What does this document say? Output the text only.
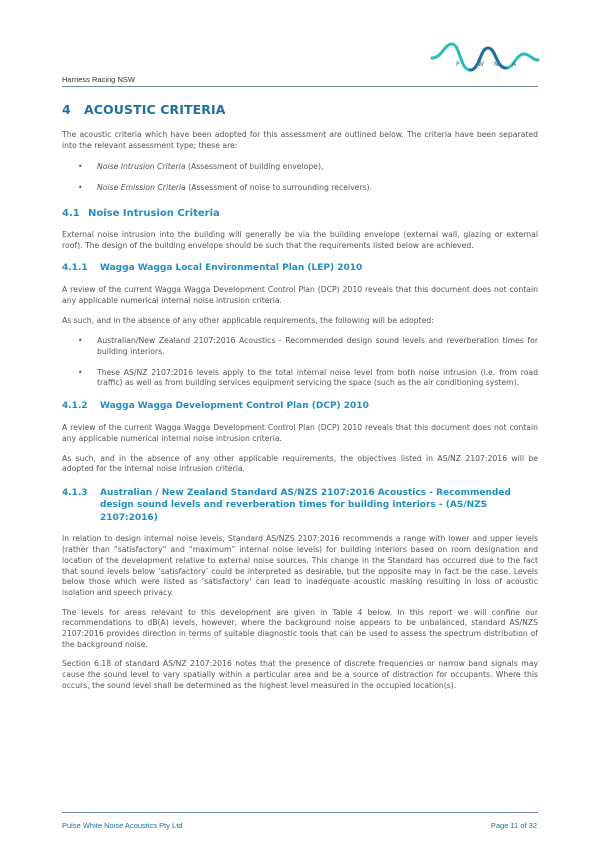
Harness Racing NSW
P	W N A
4 ACOUSTIC CRITERIA

The acoustic criteria which have been adopted for this assessment are outlined below. The criteria have been separated into the relevant assessment type; these are:

• Noise Intrusion Criteria (Assessment of building envelope),
• Noise Emission Criteria (Assessment of noise to surrounding receivers).
4.1 Noise Intrusion Criteria

External noise intrusion into the building will generally be via the building envelope (external wall, glazing or external roof). The design of the building envelope should be such that the requirements listed below are achieved.

4.1.1 Wagga Wagga Local Environmental Plan (LEP) 2010

A review of the current Wagga Wagga Development Control Plan (DCP) 2010 reveals that this document does not contain any applicable numerical internal noise intrusion criteria.

As such, and in the absence of any other applicable requirements, the following will be adopted:

• Australian/New Zealand 2107:2016 Acoustics - Recommended design sound levels and reverberation times for building interiors.
• These AS/NZ 2107:2016 levels apply to the total internal noise level from both noise intrusion (i.e. from road traffic) as well as from building services equipment servicing the space (such as the air conditioning system).
4.1.2 Wagga Wagga Development Control Plan (DCP) 2010

A review of the current Wagga Wagga Development Control Plan (DCP) 2010 reveals that this document does not contain any applicable numerical internal noise intrusion criteria.

As such, and in the absence of any other applicable requirements, the objectives listed in AS/NZ 2107:2016 will be adopted for the internal noise intrusion criteria.

4.1.3	Australian / New Zealand Standard AS/NZS 2107:2016 Acoustics - Recommended design sound levels and reverberation times for building interiors - (AS/NZS 2107:2016)

In relation to design internal noise levels, Standard AS/NZS 2107:2016 recommends a range with lower and upper levels (rather than “satisfactory” and “maximum” internal noise levels) for building interiors based on room designation and location of the development relative to external noise sources. This change in the Standard has occurred due to the fact that sound levels below ‘satisfactory’ could be interpreted as desirable, but the opposite may in fact be the case. Levels below those which were listed as ‘satisfactory’ can lead to inadequate acoustic masking resulting in loss of acoustic isolation and speech privacy.

The levels for areas relevant to this development are given in Table 4 below. In this report we will confine our recommendations to dB(A) levels, however, where the background noise appears to be unbalanced, standard AS/NZS 2107:2016 provides direction in terms of suitable diagnostic tools that can be used to assess the spectrum distribution of the background noise.

Section 6.18 of standard AS/NZ 2107:2016 notes that the presence of discrete frequencies or narrow band signals may cause the sound level to vary spatially within a particular area and be a source of distraction for occupants. Where this occurs, the sound level shall be determined as the highest level measured in the occupied location(s).

Pulse White Noise Acoustics Pty Ltd	Page 11 of 32
